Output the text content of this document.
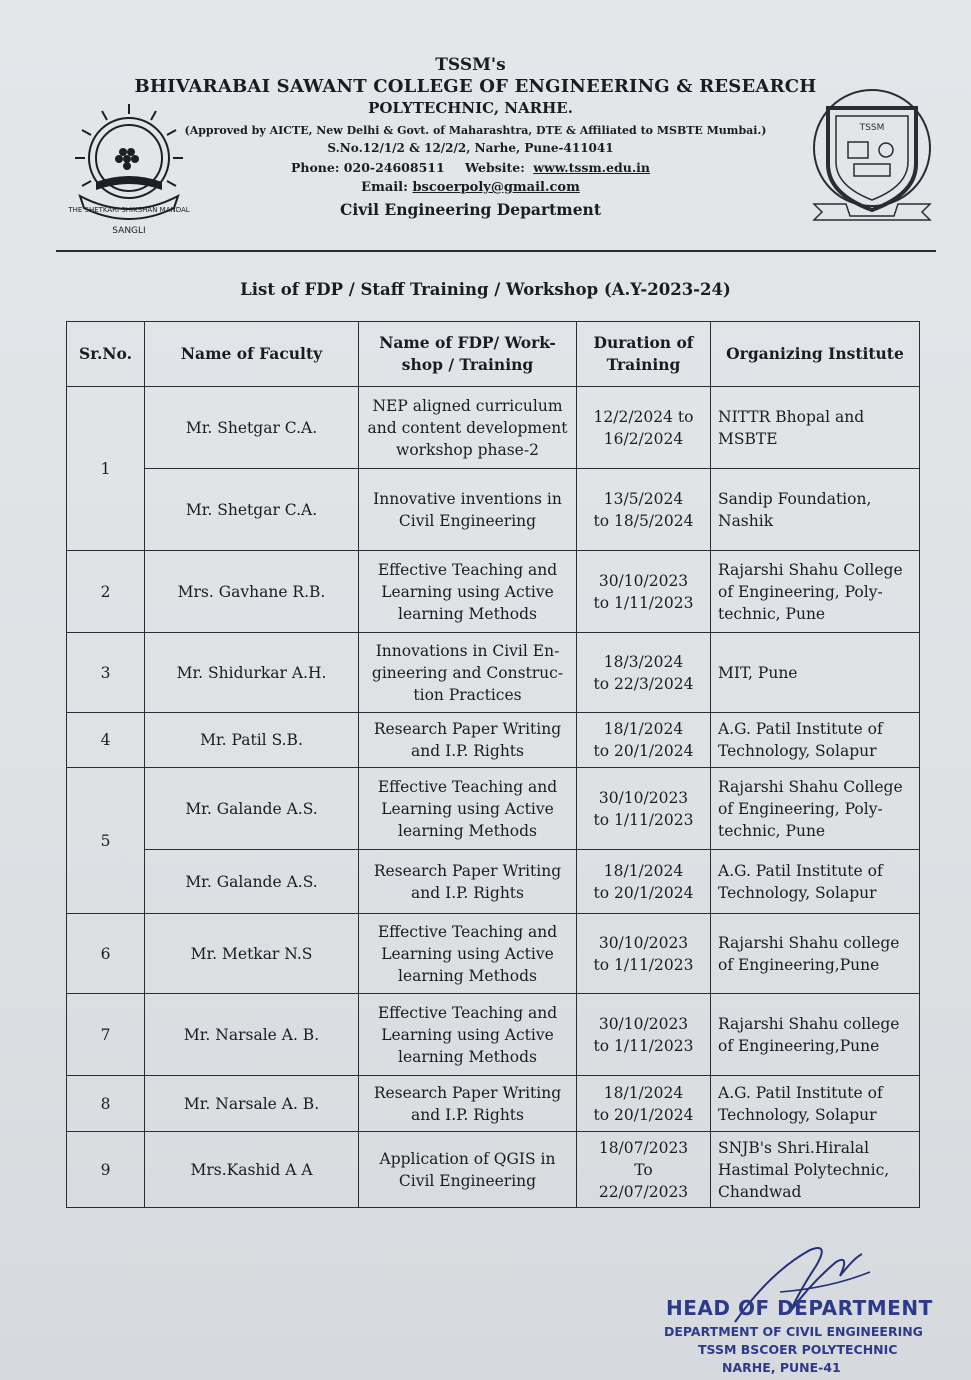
THE SHETKARI SHIKSHAN MANDAL
SANGLI
TSSM
TSSM's
BHIVARABAI SAWANT COLLEGE OF ENGINEERING & RESEARCH
POLYTECHNIC, NARHE.
(Approved by AICTE, New Delhi & Govt. of Maharashtra, DTE & Affiliated to MSBTE Mumbai.)
S.No.12/1/2 & 12/2/2, Narhe, Pune-411041
Phone: 020-24608511 Website: www.tssm.edu.in
Email: bscoerpoly@gmail.com
Civil Engineering Department
List of FDP / Staff Training / Workshop (A.Y-2023-24)
Sr.No.	Name of Faculty	Name of FDP/ Work-
shop / Training	Duration of
Training	Organizing Institute
1	Mr. Shetgar C.A.	NEP aligned curriculum
and content development
workshop phase-2	12/2/2024 to
16/2/2024	NITTR Bhopal and
MSBTE
	Mr. Shetgar C.A.	Innovative inventions in
Civil Engineering	13/5/2024
to 18/5/2024	Sandip Foundation,
Nashik
2	Mrs. Gavhane R.B.	Effective Teaching and
Learning using Active
learning Methods	30/10/2023
to 1/11/2023	Rajarshi Shahu College
of Engineering, Poly-
technic, Pune
3	Mr. Shidurkar A.H.	Innovations in Civil En-
gineering and Construc-
tion Practices	18/3/2024
to 22/3/2024	MIT, Pune
4	Mr. Patil S.B.	Research Paper Writing
and I.P. Rights	18/1/2024
to 20/1/2024	A.G. Patil Institute of
Technology, Solapur
5	Mr. Galande A.S.	Effective Teaching and
Learning using Active
learning Methods	30/10/2023
to 1/11/2023	Rajarshi Shahu College
of Engineering, Poly-
technic, Pune
	Mr. Galande A.S.	Research Paper Writing
and I.P. Rights	18/1/2024
to 20/1/2024	A.G. Patil Institute of
Technology, Solapur
6	Mr. Metkar N.S	Effective Teaching and
Learning using Active
learning Methods	30/10/2023
to 1/11/2023	Rajarshi Shahu college
of Engineering,Pune
7	Mr. Narsale A. B.	Effective Teaching and
Learning using Active
learning Methods	30/10/2023
to 1/11/2023	Rajarshi Shahu college
of Engineering,Pune
8	Mr. Narsale A. B.	Research Paper Writing
and I.P. Rights	18/1/2024
to 20/1/2024	A.G. Patil Institute of
Technology, Solapur
9	Mrs.Kashid A A	Application of QGIS in
Civil Engineering	18/07/2023
To
22/07/2023	SNJB's Shri.Hiralal
Hastimal Polytechnic,
Chandwad
HEAD OF DEPARTMENT
DEPARTMENT OF CIVIL ENGINEERING
TSSM BSCOER POLYTECHNIC
NARHE, PUNE-41
